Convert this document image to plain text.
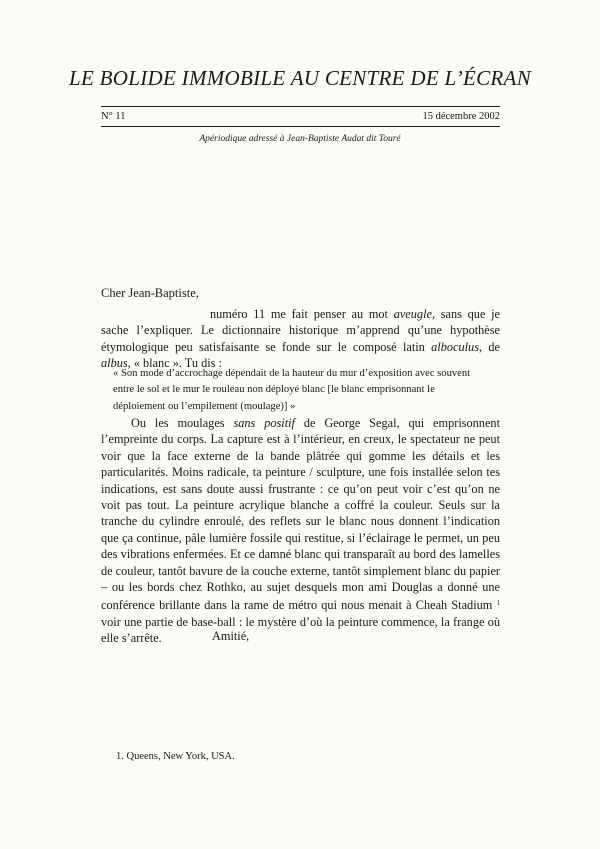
LE BOLIDE IMMOBILE AU CENTRE DE L’ÉCRAN
N° 11	15 décembre 2002
Apériodique adressé à Jean-Baptiste Audat dit Touré
Cher Jean-Baptiste,

numéro 11 me fait penser au mot aveugle, sans que je sache l’expliquer. Le dictionnaire historique m’apprend qu’une hypothèse étymologique peu satisfaisante se fonde sur le composé latin alboculus, de albus, « blanc ». Tu dis :

« Son mode d’accrochage dépendait de la hauteur du mur d’exposition avec souvent entre le sol et le mur le rouleau non déployé blanc [le blanc emprisonnant le déploiement ou l’empilement (moulage)] »

Ou les moulages sans positif de George Segal, qui emprisonnent l’empreinte du corps. La capture est à l’intérieur, en creux, le spectateur ne peut voir que la face externe de la bande plâtrée qui gomme les détails et les particularités. Moins radicale, ta peinture / sculpture, une fois installée selon tes indications, est sans doute aussi frustrante : ce qu’on peut voir c’est qu’on ne voit pas tout. La peinture acrylique blanche a coffré la couleur. Seuls sur la tranche du cylindre enroulé, des reflets sur le blanc nous donnent l’indication que ça continue, pâle lumière fossile qui restitue, si l’éclairage le permet, un peu des vibrations enfermées. Et ce damné blanc qui transparaît au bord des lamelles de couleur, tantôt bavure de la couche externe, tantôt simplement blanc du papier – ou les bords chez Rothko, au sujet desquels mon ami Douglas a donné une conférence brillante dans la rame de métro qui nous menait à Cheah Stadium $^1$ voir une partie de base-ball : le mystère d’où la peinture commence, la frange où elle s’arrête.	Amitié,
1. Queens, New York, USA.
